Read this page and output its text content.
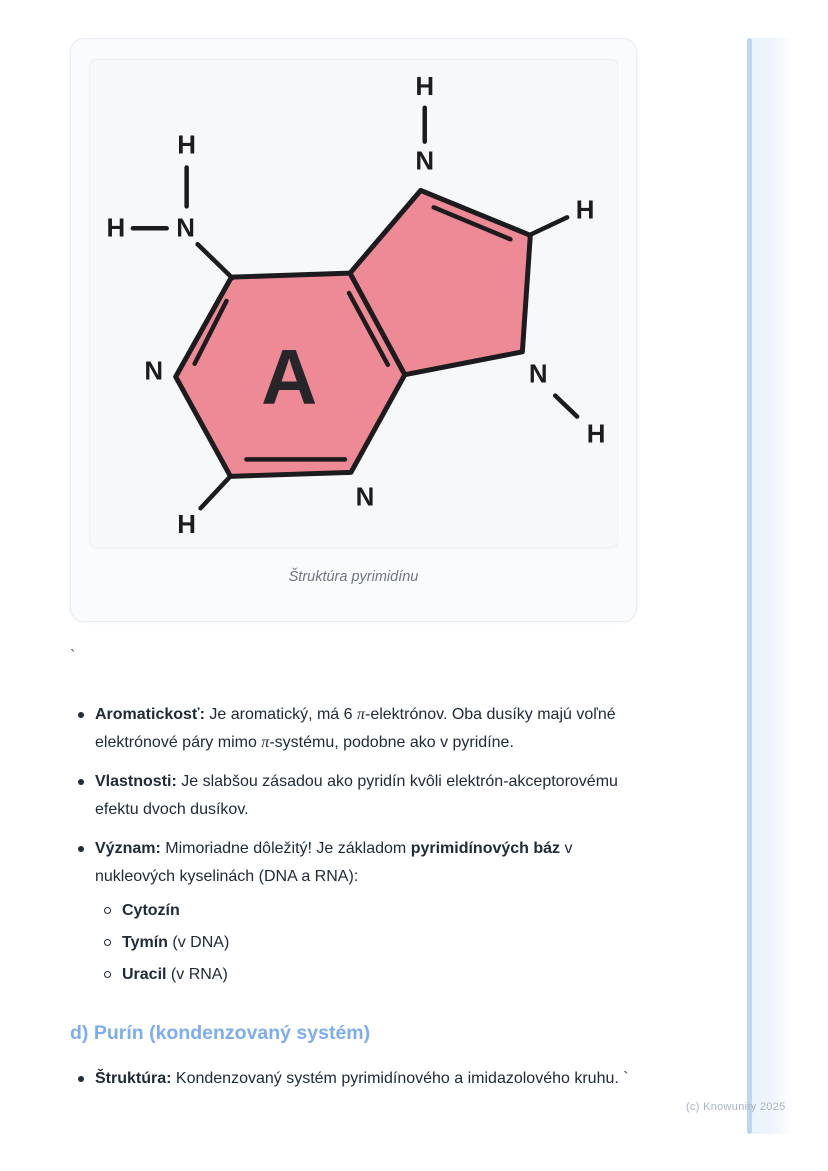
H
H N
N
N
H
H
N
H
N
H
A
Štruktúra pyrimidínu
`
Aromatickosť: Je aromatický, má 6 π-elektrónov. Oba dusíky majú voľné elektrónové páry mimo π-systému, podobne ako v pyridíne.
Vlastnosti: Je slabšou zásadou ako pyridín kvôli elektrón-akceptorovému efektu dvoch dusíkov.
Význam: Mimoriadne dôležitý! Je základom pyrimidínových báz v nukleových kyselinách (DNA a RNA):
Cytozín
Tymín (v DNA)
Uracil (v RNA)
d) Purín (kondenzovaný systém)
Štruktúra: Kondenzovaný systém pyrimidínového a imidazolového kruhu. `
(c) Knowunity 2025
